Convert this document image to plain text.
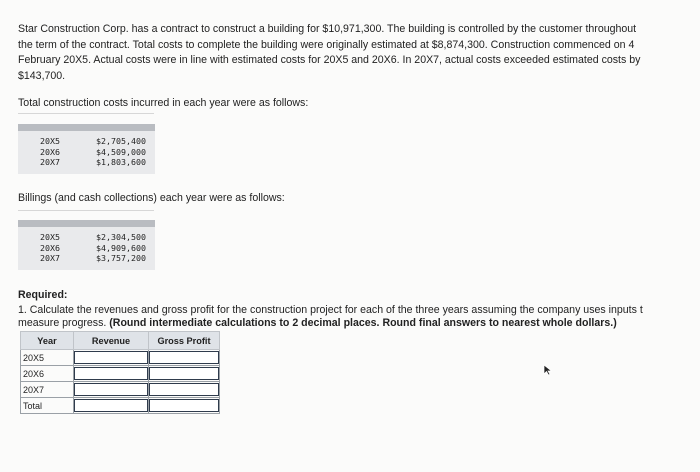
Star Construction Corp. has a contract to construct a building for $10,971,300. The building is controlled by the customer throughout
the term of the contract. Total costs to complete the building were originally estimated at $8,874,300. Construction commenced on 4
February 20X5. Actual costs were in line with estimated costs for 20X5 and 20X6. In 20X7, actual costs exceeded estimated costs by
$143,700.
Total construction costs incurred in each year were as follows:
20X5	$2,705,400
20X6	$4,509,000
20X7	$1,803,600
Billings (and cash collections) each year were as follows:
20X5	$2,304,500
20X6	$4,909,600
20X7	$3,757,200
Required:
1. Calculate the revenues and gross profit for the construction project for each of the three years assuming the company uses inputs t
measure progress. (Round intermediate calculations to 2 decimal places. Round final answers to nearest whole dollars.)
Year	Revenue	Gross Profit
20X5	

20X6	

20X7	

Total	
